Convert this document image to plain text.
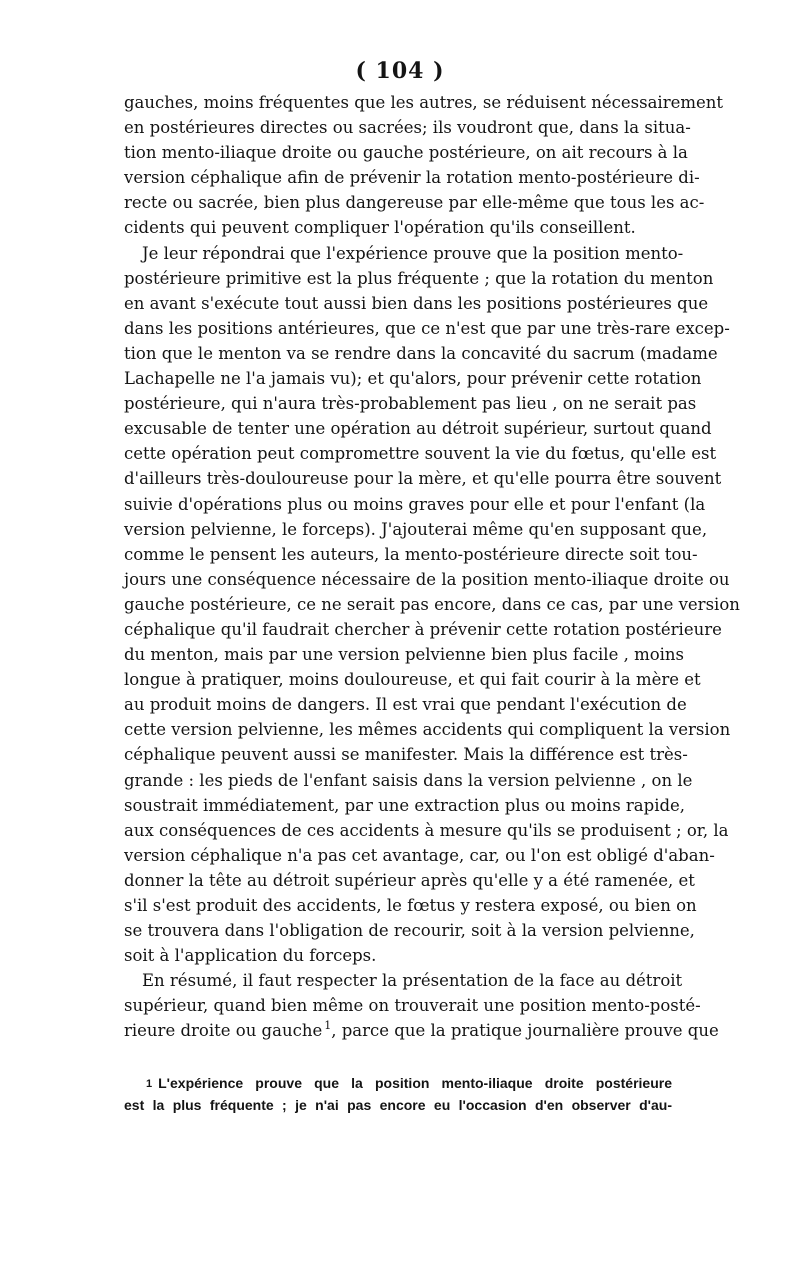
( 104 )
gauches, moins fréquentes que les autres, se réduisent nécessairement
en postérieures directes ou sacrées; ils voudront que, dans la situa-
tion mento-iliaque droite ou gauche postérieure, on ait recours à la
version céphalique afin de prévenir la rotation mento-postérieure di-
recte ou sacrée, bien plus dangereuse par elle-même que tous les ac-
cidents qui peuvent compliquer l'opération qu'ils conseillent.
Je leur répondrai que l'expérience prouve que la position mento-
postérieure primitive est la plus fréquente ; que la rotation du menton
en avant s'exécute tout aussi bien dans les positions postérieures que
dans les positions antérieures, que ce n'est que par une très-rare excep-
tion que le menton va se rendre dans la concavité du sacrum (madame
Lachapelle ne l'a jamais vu); et qu'alors, pour prévenir cette rotation
postérieure, qui n'aura très-probablement pas lieu , on ne serait pas
excusable de tenter une opération au détroit supérieur, surtout quand
cette opération peut compromettre souvent la vie du fœtus, qu'elle est
d'ailleurs très-douloureuse pour la mère, et qu'elle pourra être souvent
suivie d'opérations plus ou moins graves pour elle et pour l'enfant (la
version pelvienne, le forceps). J'ajouterai même qu'en supposant que,
comme le pensent les auteurs, la mento-postérieure directe soit tou-
jours une conséquence nécessaire de la position mento-iliaque droite ou
gauche postérieure, ce ne serait pas encore, dans ce cas, par une version
céphalique qu'il faudrait chercher à prévenir cette rotation postérieure
du menton, mais par une version pelvienne bien plus facile , moins
longue à pratiquer, moins douloureuse, et qui fait courir à la mère et
au produit moins de dangers. Il est vrai que pendant l'exécution de
cette version pelvienne, les mêmes accidents qui compliquent la version
céphalique peuvent aussi se manifester. Mais la différence est très-
grande : les pieds de l'enfant saisis dans la version pelvienne , on le
soustrait immédiatement, par une extraction plus ou moins rapide,
aux conséquences de ces accidents à mesure qu'ils se produisent ; or, la
version céphalique n'a pas cet avantage, car, ou l'on est obligé d'aban-
donner la tête au détroit supérieur après qu'elle y a été ramenée, et
s'il s'est produit des accidents, le fœtus y restera exposé, ou bien on
se trouvera dans l'obligation de recourir, soit à la version pelvienne,
soit à l'application du forceps.
En résumé, il faut respecter la présentation de la face au détroit
supérieur, quand bien même on trouverait une position mento-posté-
rieure droite ou gauche $^1$, parce que la pratique journalière prouve que
$^1$ L'expérience prouve que la position mento-iliaque droite postérieure
est la plus fréquente ; je n'ai pas encore eu l'occasion d'en observer d'au-
